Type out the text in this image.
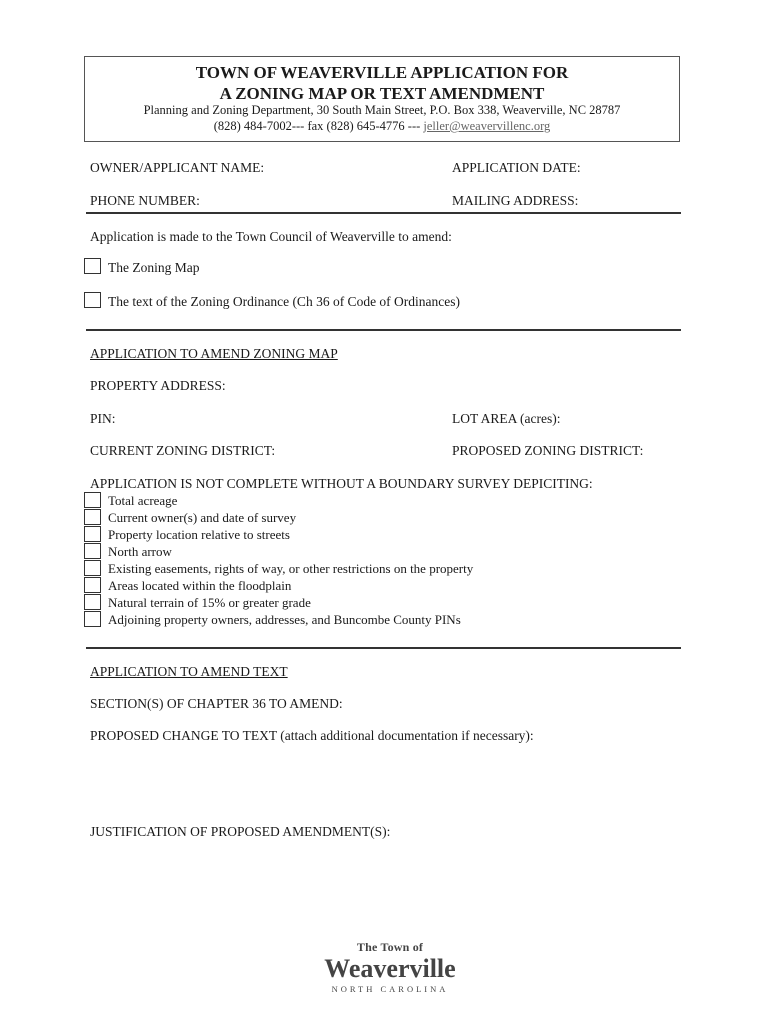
TOWN OF WEAVERVILLE APPLICATION FOR
A ZONING MAP OR TEXT AMENDMENT
Planning and Zoning Department, 30 South Main Street, P.O. Box 338, Weaverville, NC 28787
(828) 484-7002--- fax (828) 645-4776 --- jeller@weavervillenc.org
OWNER/APPLICANT NAME:	APPLICATION DATE:
PHONE NUMBER:	MAILING ADDRESS:
Application is made to the Town Council of Weaverville to amend:
The Zoning Map
The text of the Zoning Ordinance (Ch 36 of Code of Ordinances)
APPLICATION TO AMEND ZONING MAP
PROPERTY ADDRESS:
PIN:	LOT AREA (acres):
CURRENT ZONING DISTRICT:	PROPOSED ZONING DISTRICT:
APPLICATION IS NOT COMPLETE WITHOUT A BOUNDARY SURVEY DEPICITING:
Total acreage
Current owner(s) and date of survey
Property location relative to streets
North arrow
Existing easements, rights of way, or other restrictions on the property
Areas located within the floodplain
Natural terrain of 15% or greater grade
Adjoining property owners, addresses, and Buncombe County PINs
APPLICATION TO AMEND TEXT
SECTION(S) OF CHAPTER 36 TO AMEND:
PROPOSED CHANGE TO TEXT (attach additional documentation if necessary):
JUSTIFICATION OF PROPOSED AMENDMENT(S):
The Town of
Weaverville
NORTH CAROLINA
